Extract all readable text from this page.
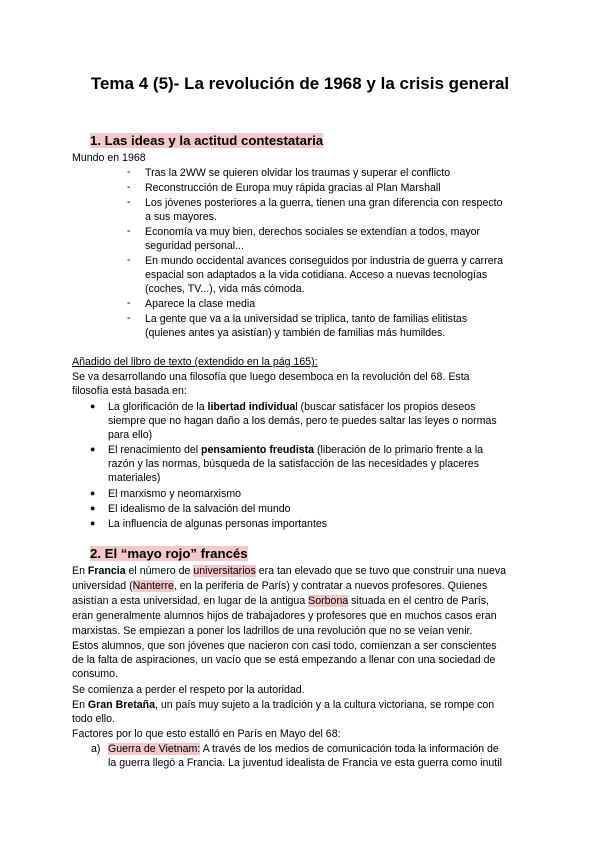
Tema 4 (5)- La revolución de 1968 y la crisis general
1. Las ideas y la actitud contestataria
Mundo en 1968
- Tras la 2WW se quieren olvidar los traumas y superar el conflicto
- Reconstrucción de Europa muy rápida gracias al Plan Marshall
- Los jóvenes posteriores a la guerra, tienen una gran diferencia con respecto
a sus mayores.
- Economía va muy bien, derechos sociales se extendían a todos, mayor
seguridad personal...
- En mundo occidental avances conseguidos por industria de guerra y carrera
espacial son adaptados a la vida cotidiana. Acceso a nuevas tecnologías
(coches, TV...), vida más cómoda.
- Aparece la clase media
- La gente que va a la universidad se triplica, tanto de familias elitistas
(quienes antes ya asistían) y también de familias más humildes.
Añadido del libro de texto (extendido en la pág 165):
Se va desarrollando una filosofía que luego desemboca en la revolución del 68. Esta
filosofía está basada en:
● La glorificación de la libertad individual (buscar satisfacer los propios deseos
siempre que no hagan daño a los demás, pero te puedes saltar las leyes o normas
para ello)
● El renacimiento del pensamiento freudista (liberación de lo primario frente a la
razón y las normas, búsqueda de la satisfacción de las necesidades y placeres
materiales)
● El marxismo y neomarxismo
● El idealismo de la salvación del mundo
● La influencia de algunas personas importantes
2. El “mayo rojo” francés
En Francia el número de universitarios era tan elevado que se tuvo que construir una nueva
universidad (Nanterre, en la periferia de París) y contratar a nuevos profesores. Quienes
asistían a esta universidad, en lugar de la antigua Sorbona situada en el centro de París,
eran generalmente alumnos hijos de trabajadores y profesores que en muchos casos eran
marxistas. Se empiezan a poner los ladrillos de una revolución que no se veían venir.
Estos alumnos, que son jóvenes que nacieron con casi todo, comienzan a ser conscientes
de la falta de aspiraciones, un vacío que se está empezando a llenar con una sociedad de
consumo.
Se comienza a perder el respeto por la autoridad.
En Gran Bretaña, un país muy sujeto a la tradición y a la cultura victoriana, se rompe con
todo ello.
Factores por lo que esto estalló en París en Mayo del 68:
a) Guerra de Vietnam: A través de los medios de comunicación toda la información de
la guerra llegó a Francia. La juventud idealista de Francia ve esta guerra como inutil
